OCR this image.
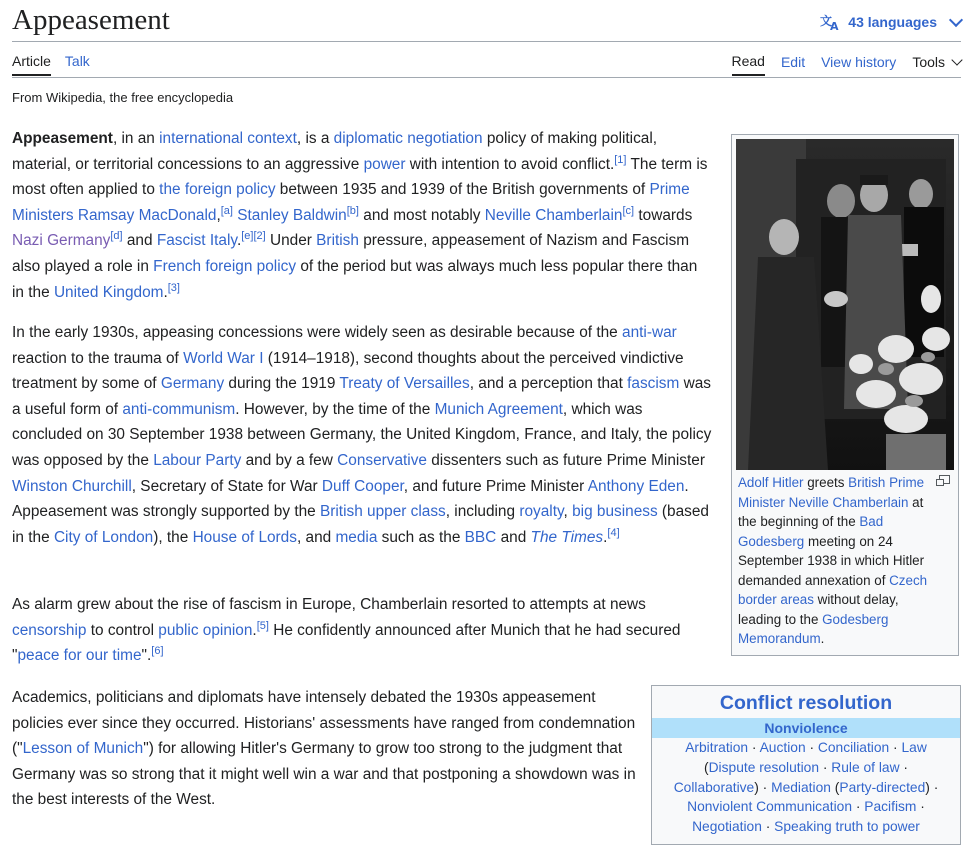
Appeasement	文
A 43 languages
Article Talk	Read Edit View history Tools
From Wikipedia, the free encyclopedia

Appeasement, in an international context, is a diplomatic negotiation policy of making political, material, or territorial concessions to an aggressive power with intention to avoid conflict.[1] The term is most often applied to the foreign policy between 1935 and 1939 of the British governments of Prime Ministers Ramsay MacDonald,[a] Stanley Baldwin[b] and most notably Neville Chamberlain[c] towards Nazi Germany[d] and Fascist Italy.[e][2] Under British pressure, appeasement of Nazism and Fascism also played a role in French foreign policy of the period but was always much less popular there than in the United Kingdom.[3]

In the early 1930s, appeasing concessions were widely seen as desirable because of the anti-war reaction to the trauma of World War I (1914–1918), second thoughts about the perceived vindictive treatment by some of Germany during the 1919 Treaty of Versailles, and a perception that fascism was a useful form of anti-communism. However, by the time of the Munich Agreement, which was concluded on 30 September 1938 between Germany, the United Kingdom, France, and Italy, the policy was opposed by the Labour Party and by a few Conservative dissenters such as future Prime Minister Winston Churchill, Secretary of State for War Duff Cooper, and future Prime Minister Anthony Eden. Appeasement was strongly supported by the British upper class, including royalty, big business (based in the City of London), the House of Lords, and media such as the BBC and The Times.[4]

As alarm grew about the rise of fascism in Europe, Chamberlain resorted to attempts at news censorship to control public opinion.[5] He confidently announced after Munich that he had secured "peace for our time".[6]

Academics, politicians and diplomats have intensely debated the 1930s appeasement policies ever since they occurred. Historians' assessments have ranged from condemnation ("Lesson of Munich") for allowing Hitler's Germany to grow too strong to the judgment that Germany was so strong that it might well win a war and that postponing a showdown was in the best interests of the West.

Adolf Hitler greets British Prime Minister Neville Chamberlain at the beginning of the Bad Godesberg meeting on 24 September 1938 in which Hitler demanded annexation of Czech border areas without delay, leading to the Godesberg Memorandum.
Conflict resolution
Nonviolence
Arbitration · Auction · Conciliation · Law
(Dispute resolution · Rule of law ·
Collaborative) · Mediation (Party-directed) ·
Nonviolent Communication · Pacifism ·
Negotiation · Speaking truth to power
